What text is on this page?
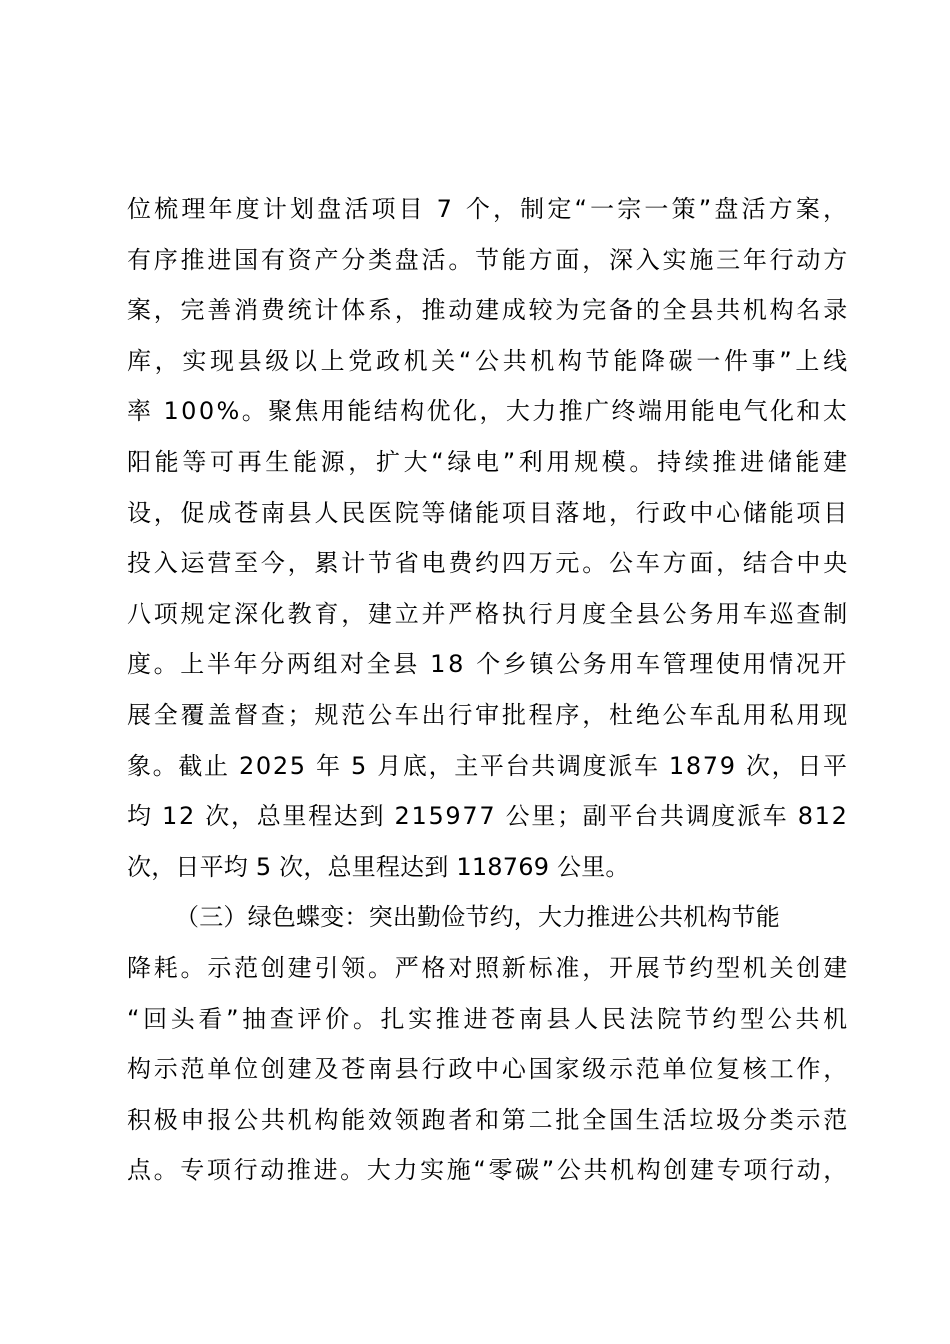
位梳理年度计划盘活项目 7 个，制定“一宗一策”盘活方案，
有序推进国有资产分类盘活。节能方面，深入实施三年行动方
案，完善消费统计体系，推动建成较为完备的全县共机构名录
库，实现县级以上党政机关“公共机构节能降碳一件事”上线
率 100%。聚焦用能结构优化，大力推广终端用能电气化和太
阳能等可再生能源，扩大“绿电”利用规模。持续推进储能建
设，促成苍南县人民医院等储能项目落地，行政中心储能项目
投入运营至今，累计节省电费约四万元。公车方面，结合中央
八项规定深化教育，建立并严格执行月度全县公务用车巡查制
度。上半年分两组对全县 18 个乡镇公务用车管理使用情况开
展全覆盖督查；规范公车出行审批程序，杜绝公车乱用私用现
象。截止 2025 年 5 月底，主平台共调度派车 1879 次，日平
均 12 次，总里程达到 215977 公里；副平台共调度派车 812
次，日平均 5 次，总里程达到 118769 公里。
（三）绿色蝶变：突出勤俭节约，大力推进公共机构节能
降耗。示范创建引领。严格对照新标准，开展节约型机关创建
“回头看”抽查评价。扎实推进苍南县人民法院节约型公共机
构示范单位创建及苍南县行政中心国家级示范单位复核工作，
积极申报公共机构能效领跑者和第二批全国生活垃圾分类示范
点。专项行动推进。大力实施“零碳”公共机构创建专项行动，
